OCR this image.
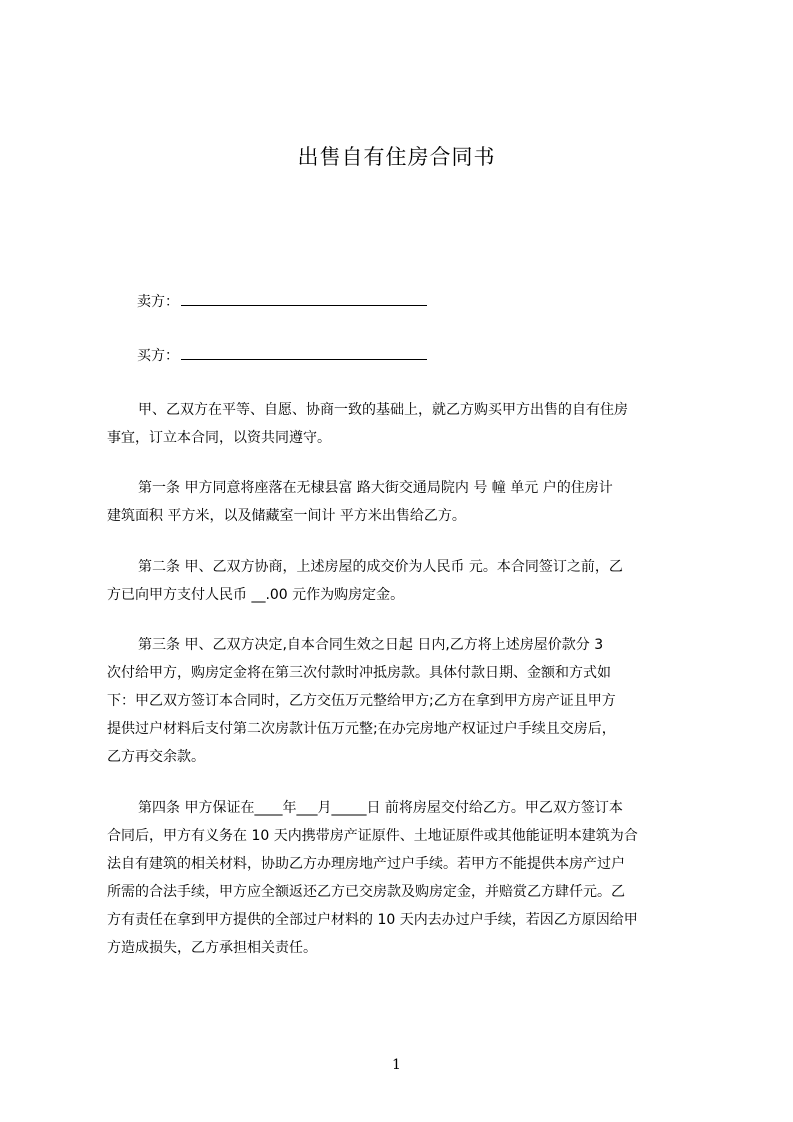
出售自有住房合同书
卖方：
买方：
甲、乙双方在平等、自愿、协商一致的基础上，就乙方购买甲方出售的自有住房
事宜，订立本合同，以资共同遵守。
第一条 甲方同意将座落在无棣县富 路大街交通局院内 号 幢 单元 户的住房计
建筑面积 平方米，以及储藏室一间计 平方米出售给乙方。
第二条 甲、乙双方协商，上述房屋的成交价为人民币 元。本合同签订之前，乙
方已向甲方支付人民币 __.00 元作为购房定金。
第三条 甲、乙双方决定,自本合同生效之日起 日内,乙方将上述房屋价款分 3
次付给甲方，购房定金将在第三次付款时冲抵房款。具体付款日期、金额和方式如
下：甲乙双方签订本合同时，乙方交伍万元整给甲方;乙方在拿到甲方房产证且甲方
提供过户材料后支付第二次房款计伍万元整;在办完房地产权证过户手续且交房后，
乙方再交余款。
第四条 甲方保证在____年___月_____日 前将房屋交付给乙方。甲乙双方签订本
合同后，甲方有义务在 10 天内携带房产证原件、土地证原件或其他能证明本建筑为合
法自有建筑的相关材料，协助乙方办理房地产过户手续。若甲方不能提供本房产过户
所需的合法手续，甲方应全额返还乙方已交房款及购房定金，并赔赏乙方肆仟元。乙
方有责任在拿到甲方提供的全部过户材料的 10 天内去办过户手续，若因乙方原因给甲
方造成损失，乙方承担相关责任。
1
